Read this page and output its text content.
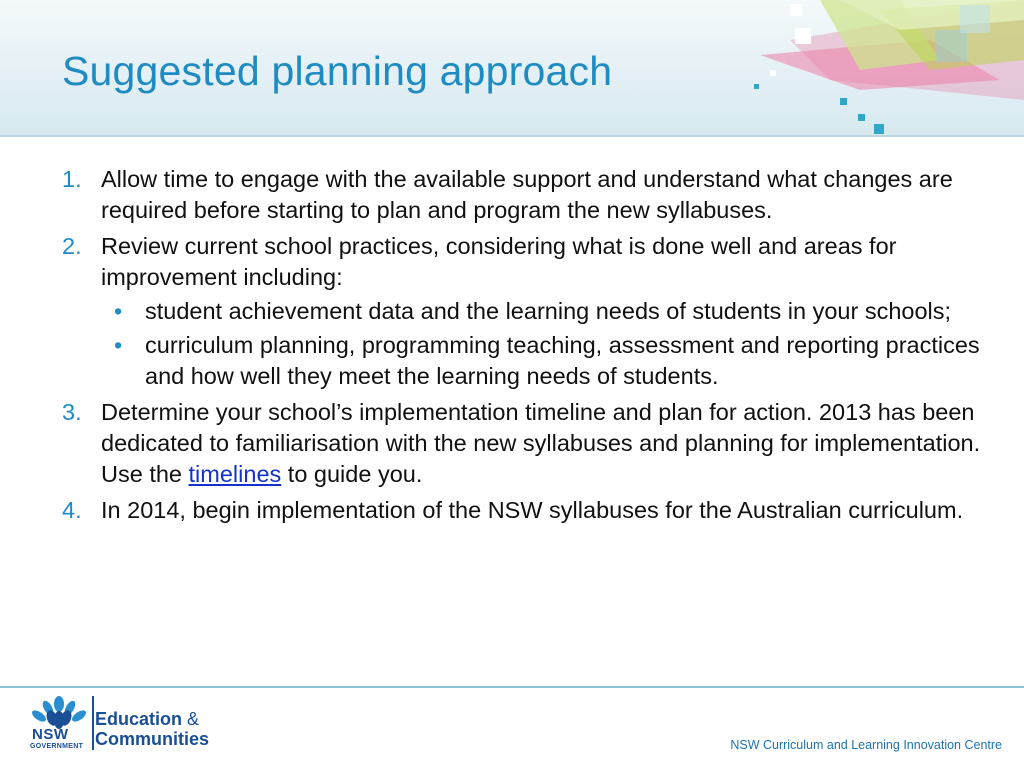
Suggested planning approach
1. Allow time to engage with the available support and understand what changes are required before starting to plan and program the new syllabuses.
2. Review current school practices, considering what is done well and areas for improvement including:
• student achievement data and the learning needs of students in your schools;
• curriculum planning, programming teaching, assessment and reporting practices and how well they meet the learning needs of students.
3. Determine your school’s implementation timeline and plan for action. 2013 has been dedicated to familiarisation with the new syllabuses and planning for implementation. Use the timelines to guide you.
4. In 2014, begin implementation of the NSW syllabuses for the Australian curriculum.
NSW
GOVERNMENT
Education &
Communities	NSW Curriculum and Learning Innovation Centre
